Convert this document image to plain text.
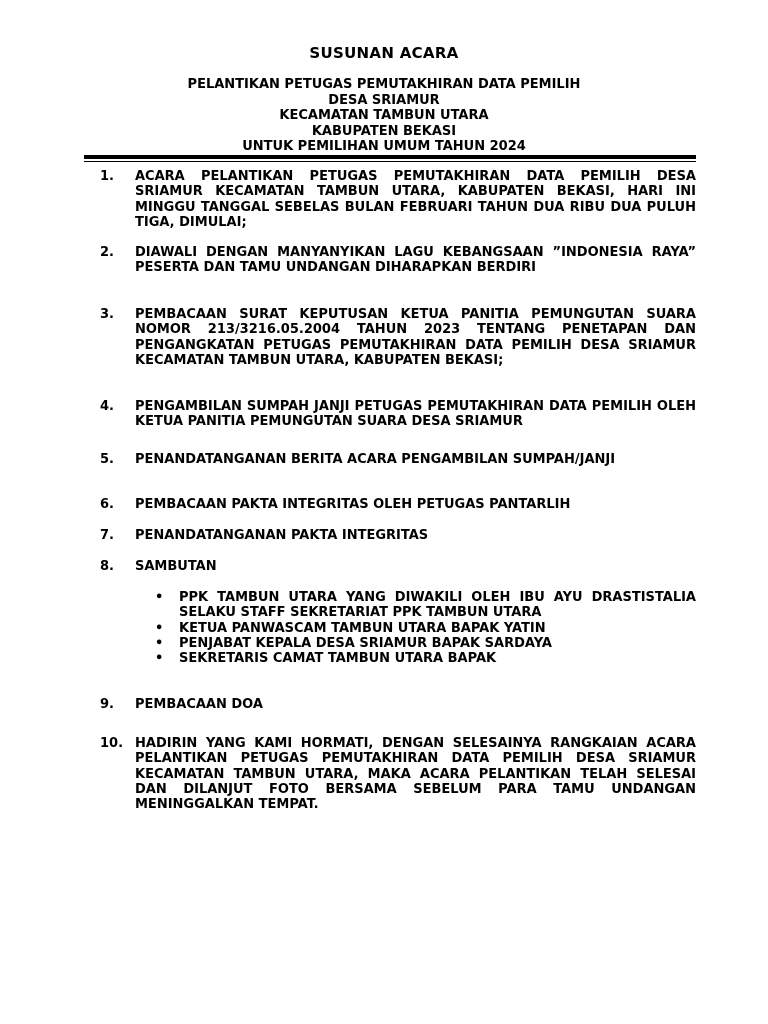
SUSUNAN ACARA
PELANTIKAN PETUGAS PEMUTAKHIRAN DATA PEMILIH
DESA SRIAMUR
KECAMATAN TAMBUN UTARA
KABUPATEN BEKASI
UNTUK PEMILIHAN UMUM TAHUN 2024
1. ACARA PELANTIKAN PETUGAS PEMUTAKHIRAN DATA PEMILIH DESA SRIAMUR KECAMATAN TAMBUN UTARA, KABUPATEN BEKASI, HARI INI MINGGU TANGGAL SEBELAS BULAN FEBRUARI TAHUN DUA RIBU DUA PULUH TIGA, DIMULAI;
2. DIAWALI DENGAN MANYANYIKAN LAGU KEBANGSAAN ”INDONESIA RAYA” PESERTA DAN TAMU UNDANGAN DIHARAPKAN BERDIRI
3. PEMBACAAN SURAT KEPUTUSAN KETUA PANITIA PEMUNGUTAN SUARA NOMOR 213/3216.05.2004 TAHUN 2023 TENTANG PENETAPAN DAN PENGANGKATAN PETUGAS PEMUTAKHIRAN DATA PEMILIH DESA SRIAMUR KECAMATAN TAMBUN UTARA, KABUPATEN BEKASI;
4. PENGAMBILAN SUMPAH JANJI PETUGAS PEMUTAKHIRAN DATA PEMILIH OLEH KETUA PANITIA PEMUNGUTAN SUARA DESA SRIAMUR
5. PENANDATANGANAN BERITA ACARA PENGAMBILAN SUMPAH/JANJI
6. PEMBACAAN PAKTA INTEGRITAS OLEH PETUGAS PANTARLIH
7. PENANDATANGANAN PAKTA INTEGRITAS
8. SAMBUTAN
• PPK TAMBUN UTARA YANG DIWAKILI OLEH IBU AYU DRASTISTALIA SELAKU STAFF SEKRETARIAT PPK TAMBUN UTARA
• KETUA PANWASCAM TAMBUN UTARA BAPAK YATIN
• PENJABAT KEPALA DESA SRIAMUR BAPAK SARDAYA
• SEKRETARIS CAMAT TAMBUN UTARA BAPAK
9. PEMBACAAN DOA
10. HADIRIN YANG KAMI HORMATI, DENGAN SELESAINYA RANGKAIAN ACARA PELANTIKAN PETUGAS PEMUTAKHIRAN DATA PEMILIH DESA SRIAMUR KECAMATAN TAMBUN UTARA, MAKA ACARA PELANTIKAN TELAH SELESAI DAN DILANJUT FOTO BERSAMA SEBELUM PARA TAMU UNDANGAN MENINGGALKAN TEMPAT.
